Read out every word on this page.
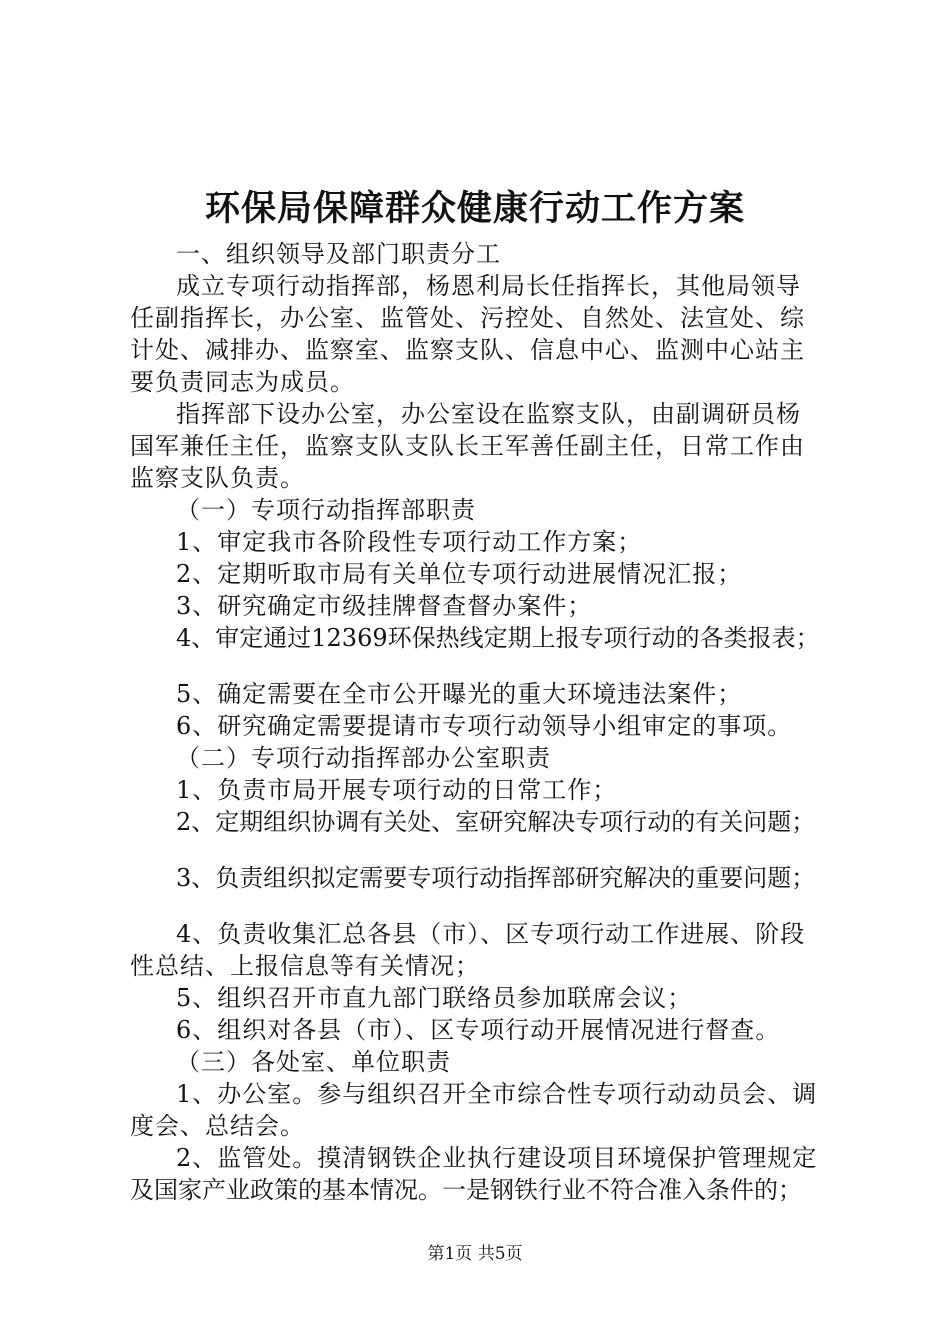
环保局保障群众健康行动工作方案
一、组织领导及部门职责分工
成立专项行动指挥部，杨恩利局长任指挥长，其他局领导
任副指挥长，办公室、监管处、污控处、自然处、法宣处、综
计处、减排办、监察室、监察支队、信息中心、监测中心站主
要负责同志为成员。
指挥部下设办公室，办公室设在监察支队，由副调研员杨
国军兼任主任，监察支队支队长王军善任副主任，日常工作由
监察支队负责。
（一）专项行动指挥部职责
1、审定我市各阶段性专项行动工作方案；
2、定期听取市局有关单位专项行动进展情况汇报；
3、研究确定市级挂牌督查督办案件；
4、审定通过12369环保热线定期上报专项行动的各类报表；
5、确定需要在全市公开曝光的重大环境违法案件；
6、研究确定需要提请市专项行动领导小组审定的事项。
（二）专项行动指挥部办公室职责
1、负责市局开展专项行动的日常工作；
2、定期组织协调有关处、室研究解决专项行动的有关问题；
3、负责组织拟定需要专项行动指挥部研究解决的重要问题；
4、负责收集汇总各县（市）、区专项行动工作进展、阶段
性总结、上报信息等有关情况；
5、组织召开市直九部门联络员参加联席会议；
6、组织对各县（市）、区专项行动开展情况进行督查。
（三）各处室、单位职责
1、办公室。参与组织召开全市综合性专项行动动员会、调
度会、总结会。
2、监管处。摸清钢铁企业执行建设项目环境保护管理规定
及国家产业政策的基本情况。一是钢铁行业不符合准入条件的；
第1页 共5页
